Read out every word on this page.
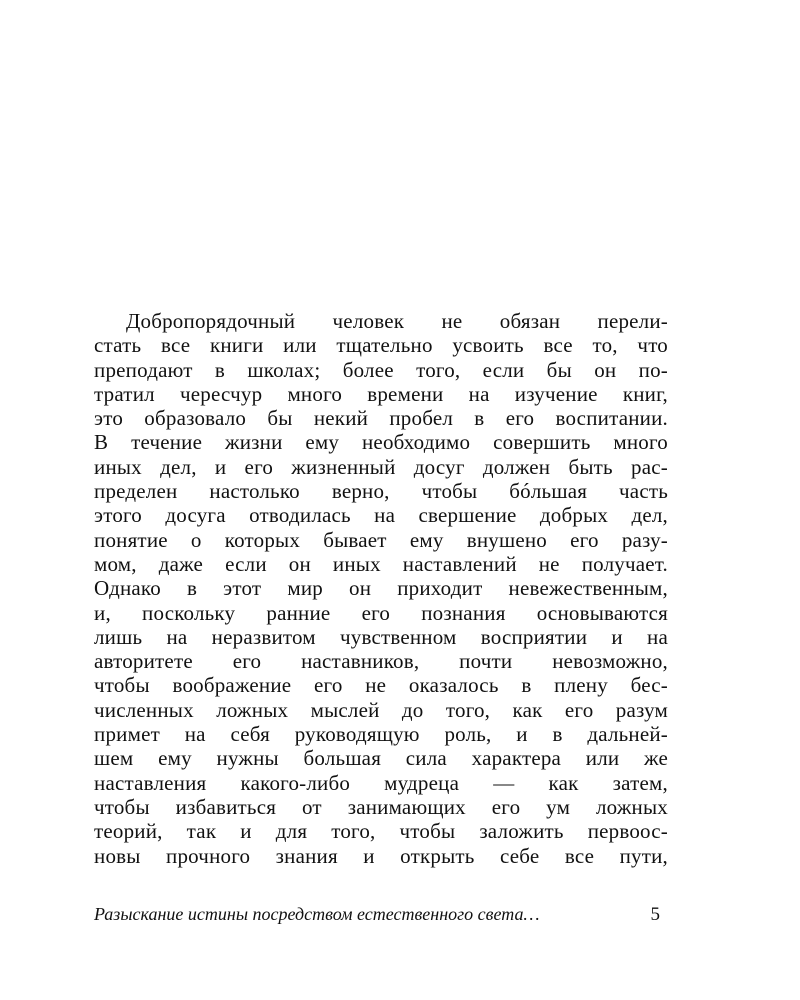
Добропорядочный человек не обязан перели-
стать все книги или тщательно усвоить все то, что
преподают в школах; более того, если бы он по-
тратил чересчур много времени на изучение книг,
это образовало бы некий пробел в его воспитании.
В течение жизни ему необходимо совершить много
иных дел, и его жизненный досуг должен быть рас-
пределен настолько верно, чтобы бóльшая часть
этого досуга отводилась на свершение добрых дел,
понятие о которых бывает ему внушено его разу-
мом, даже если он иных наставлений не получает.
Однако в этот мир он приходит невежественным,
и, поскольку ранние его познания основываются
лишь на неразвитом чувственном восприятии и на
авторитете его наставников, почти невозможно,
чтобы воображение его не оказалось в плену бес-
численных ложных мыслей до того, как его разум
примет на себя руководящую роль, и в дальней-
шем ему нужны большая сила характера или же
наставления какого-либо мудреца — как затем,
чтобы избавиться от занимающих его ум ложных
теорий, так и для того, чтобы заложить первоос-
новы прочного знания и открыть себе все пути,
Разыскание истины посредством естественного света…	5
